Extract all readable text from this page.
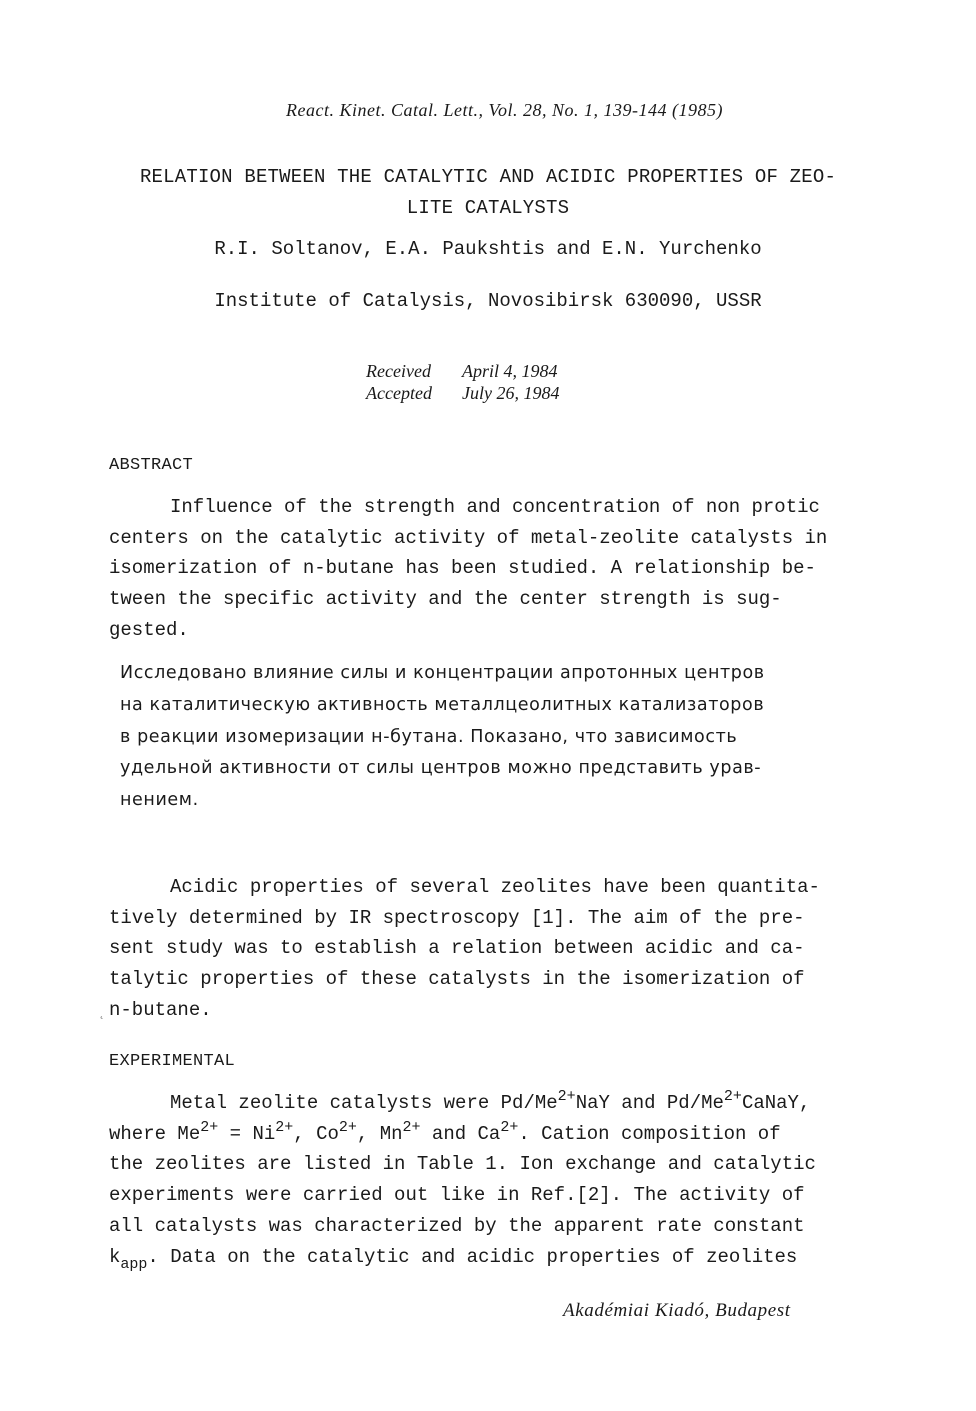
React. Kinet. Catal. Lett., Vol. 28, No. 1, 139-144 (1985)
RELATION BETWEEN THE CATALYTIC AND ACIDIC PROPERTIES OF ZEO-
LITE CATALYSTS
R.I. Soltanov, E.A. Paukshtis and E.N. Yurchenko
Institute of Catalysis, Novosibirsk 630090, USSR
Received April 4, 1984
Accepted July 26, 1984
ABSTRACT
Influence of the strength and concentration of non protic
centers on the catalytic activity of metal-zeolite catalysts in
isomerization of n-butane has been studied. A relationship be-
tween the specific activity and the center strength is sug-
gested.
Исследовано влияние силы и концентрации апротонных центров
на каталитическую активность металлцеолитных катализаторов
в реакции изомеризации н-бутана. Показано, что зависимость
удельной активности от силы центров можно представить урав-
нением.
Acidic properties of several zeolites have been quantita-
tively determined by IR spectroscopy [1]. The aim of the pre-
sent study was to establish a relation between acidic and ca-
talytic properties of these catalysts in the isomerization of
n-butane.
˛
EXPERIMENTAL
Metal zeolite catalysts were $Pd/Me^{2+}NaY$ and $Pd/Me^{2+}CaNaY$,
where $Me^{2+} = Ni^{2+}$, $Co^{2+}$, $Mn^{2+}$ and $Ca^{2+}$. Cation composition of
the zeolites are listed in Table 1. Ion exchange and catalytic
experiments were carried out like in Ref.[2]. The activity of
all catalysts was characterized by the apparent rate constant
$k_{app}$. Data on the catalytic and acidic properties of zeolites
Akadémiai Kiadó, Budapest
